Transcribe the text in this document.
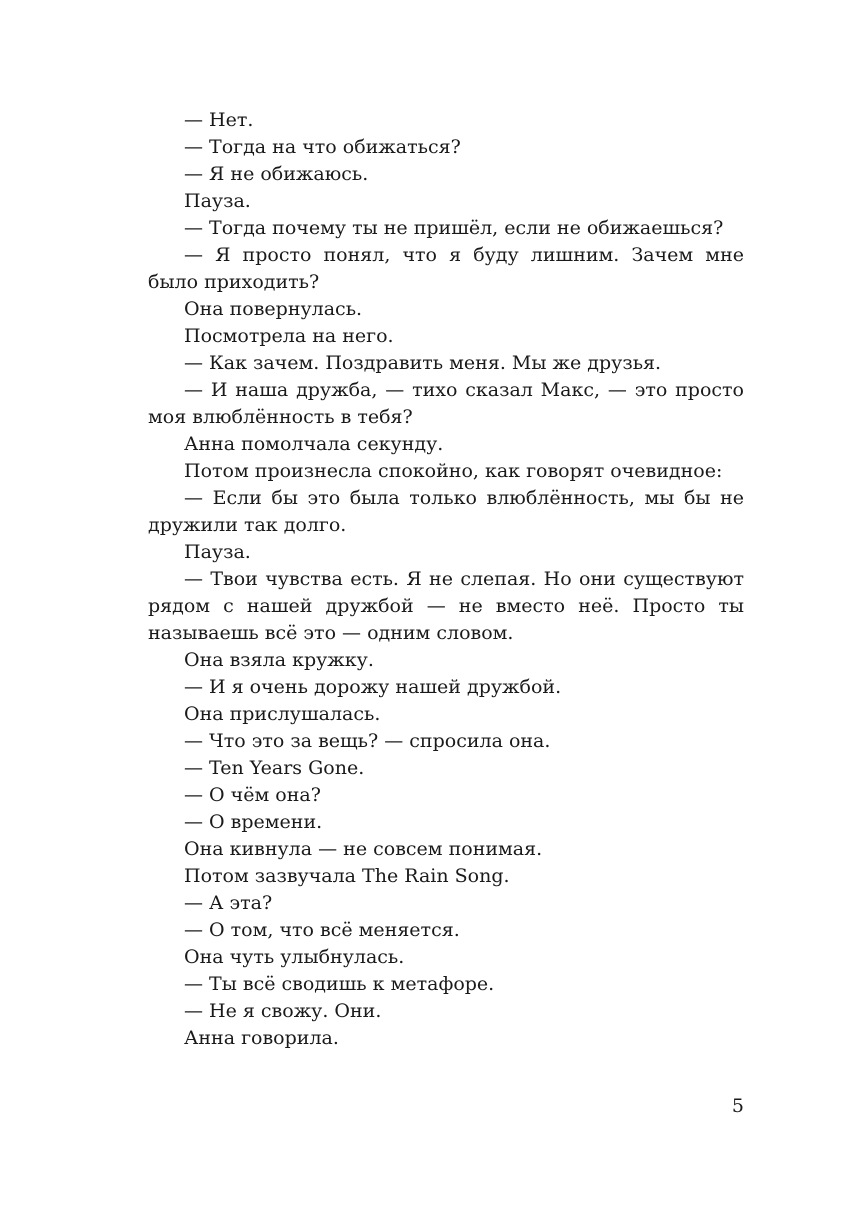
— Нет.

— Тогда на что обижаться?

— Я не обижаюсь.

Пауза.

— Тогда почему ты не пришёл, если не обижаешься?

— Я просто понял, что я буду лишним. Зачем мне было приходить?

Она повернулась.

Посмотрела на него.

— Как зачем. Поздравить меня. Мы же друзья.

— И наша дружба, — тихо сказал Макс, — это просто моя влюблённость в тебя?

Анна помолчала секунду.

Потом произнесла спокойно, как говорят очевидное:

— Если бы это была только влюблённость, мы бы не дружили так долго.

Пауза.

— Твои чувства есть. Я не слепая. Но они существуют рядом с нашей дружбой — не вместо неё. Просто ты называешь всё это — одним словом.

Она взяла кружку.

— И я очень дорожу нашей дружбой.

Она прислушалась.

— Что это за вещь? — спросила она.

— Ten Years Gone.

— О чём она?

— О времени.

Она кивнула — не совсем понимая.

Потом зазвучала The Rain Song.

— А эта?

— О том, что всё меняется.

Она чуть улыбнулась.

— Ты всё сводишь к метафоре.

— Не я свожу. Они.

Анна говорила.

5
